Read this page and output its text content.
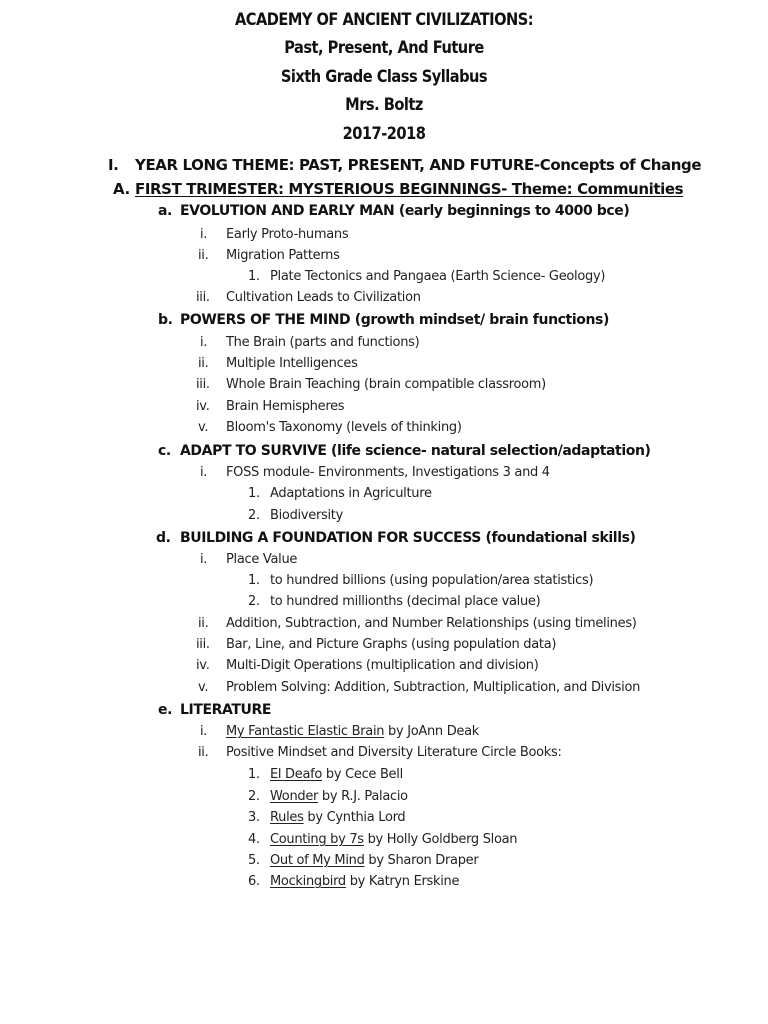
ACADEMY OF ANCIENT CIVILIZATIONS:
Past, Present, And Future
Sixth Grade Class Syllabus
Mrs. Boltz
2017-2018
I. YEAR LONG THEME: PAST, PRESENT, AND FUTURE-Concepts of Change
A. FIRST TRIMESTER: MYSTERIOUS BEGINNINGS- Theme: Communities
a. EVOLUTION AND EARLY MAN (early beginnings to 4000 bce)
i. Early Proto-humans
ii. Migration Patterns
1. Plate Tectonics and Pangaea (Earth Science- Geology)
iii. Cultivation Leads to Civilization
b. POWERS OF THE MIND (growth mindset/ brain functions)
i. The Brain (parts and functions)
ii. Multiple Intelligences
iii. Whole Brain Teaching (brain compatible classroom)
iv. Brain Hemispheres
v. Bloom's Taxonomy (levels of thinking)
c. ADAPT TO SURVIVE (life science- natural selection/adaptation)
i. FOSS module- Environments, Investigations 3 and 4
1. Adaptations in Agriculture
2. Biodiversity
d. BUILDING A FOUNDATION FOR SUCCESS (foundational skills)
i. Place Value
1. to hundred billions (using population/area statistics)
2. to hundred millionths (decimal place value)
ii. Addition, Subtraction, and Number Relationships (using timelines)
iii. Bar, Line, and Picture Graphs (using population data)
iv. Multi-Digit Operations (multiplication and division)
v. Problem Solving: Addition, Subtraction, Multiplication, and Division
e. LITERATURE
i. My Fantastic Elastic Brain by JoAnn Deak
ii. Positive Mindset and Diversity Literature Circle Books:
1. El Deafo by Cece Bell
2. Wonder by R.J. Palacio
3. Rules by Cynthia Lord
4. Counting by 7s by Holly Goldberg Sloan
5. Out of My Mind by Sharon Draper
6. Mockingbird by Katryn Erskine
